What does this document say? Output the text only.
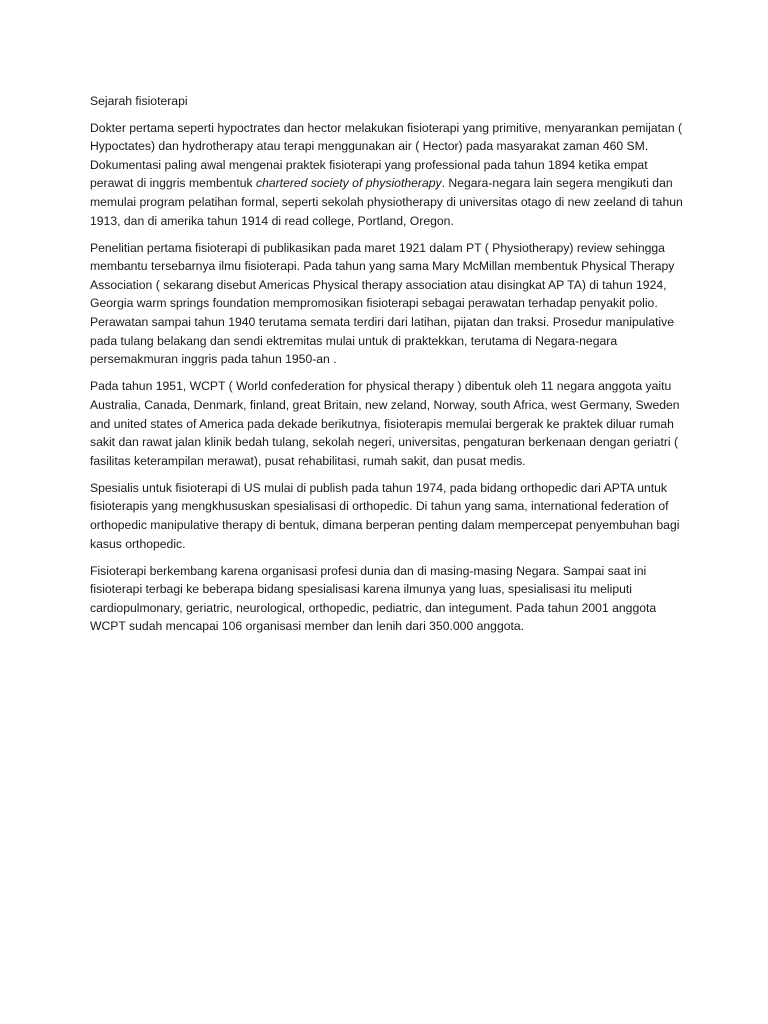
Sejarah fisioterapi

Dokter pertama seperti hypoctrates dan hector melakukan fisioterapi yang primitive, menyarankan pemijatan ( Hypoctates) dan hydrotherapy atau terapi menggunakan air ( Hector) pada masyarakat zaman 460 SM. Dokumentasi paling awal mengenai praktek fisioterapi yang professional pada tahun 1894 ketika empat perawat di inggris membentuk chartered society of physiotherapy. Negara-negara lain segera mengikuti dan memulai program pelatihan formal, seperti sekolah physiotherapy di universitas otago di new zeeland di tahun 1913, dan di amerika tahun 1914 di read college, Portland, Oregon.

Penelitian pertama fisioterapi di publikasikan pada maret 1921 dalam PT ( Physiotherapy) review sehingga membantu tersebarnya ilmu fisioterapi. Pada tahun yang sama Mary McMillan membentuk Physical Therapy Association ( sekarang disebut Americas Physical therapy association atau disingkat AP TA) di tahun 1924, Georgia warm springs foundation mempromosikan fisioterapi sebagai perawatan terhadap penyakit polio. Perawatan sampai tahun 1940 terutama semata terdiri dari latihan, pijatan dan traksi. Prosedur manipulative pada tulang belakang dan sendi ektremitas mulai untuk di praktekkan, terutama di Negara-negara persemakmuran inggris pada tahun 1950-an .

Pada tahun 1951, WCPT ( World confederation for physical therapy ) dibentuk oleh 11 negara anggota yaitu Australia, Canada, Denmark, finland, great Britain, new zeland, Norway, south Africa, west Germany, Sweden and united states of America pada dekade berikutnya, fisioterapis memulai bergerak ke praktek diluar rumah sakit dan rawat jalan klinik bedah tulang, sekolah negeri, universitas, pengaturan berkenaan dengan geriatri ( fasilitas keterampilan merawat), pusat rehabilitasi, rumah sakit, dan pusat medis.

Spesialis untuk fisioterapi di US mulai di publish pada tahun 1974, pada bidang orthopedic dari APTA untuk fisioterapis yang mengkhususkan spesialisasi di orthopedic. Di tahun yang sama, international federation of orthopedic manipulative therapy di bentuk, dimana berperan penting dalam mempercepat penyembuhan bagi kasus orthopedic.

Fisioterapi berkembang karena organisasi profesi dunia dan di masing-masing Negara. Sampai saat ini fisioterapi terbagi ke beberapa bidang spesialisasi karena ilmunya yang luas, spesialisasi itu meliputi cardiopulmonary, geriatric, neurological, orthopedic, pediatric, dan integument. Pada tahun 2001 anggota WCPT sudah mencapai 106 organisasi member dan lenih dari 350.000 anggota.
